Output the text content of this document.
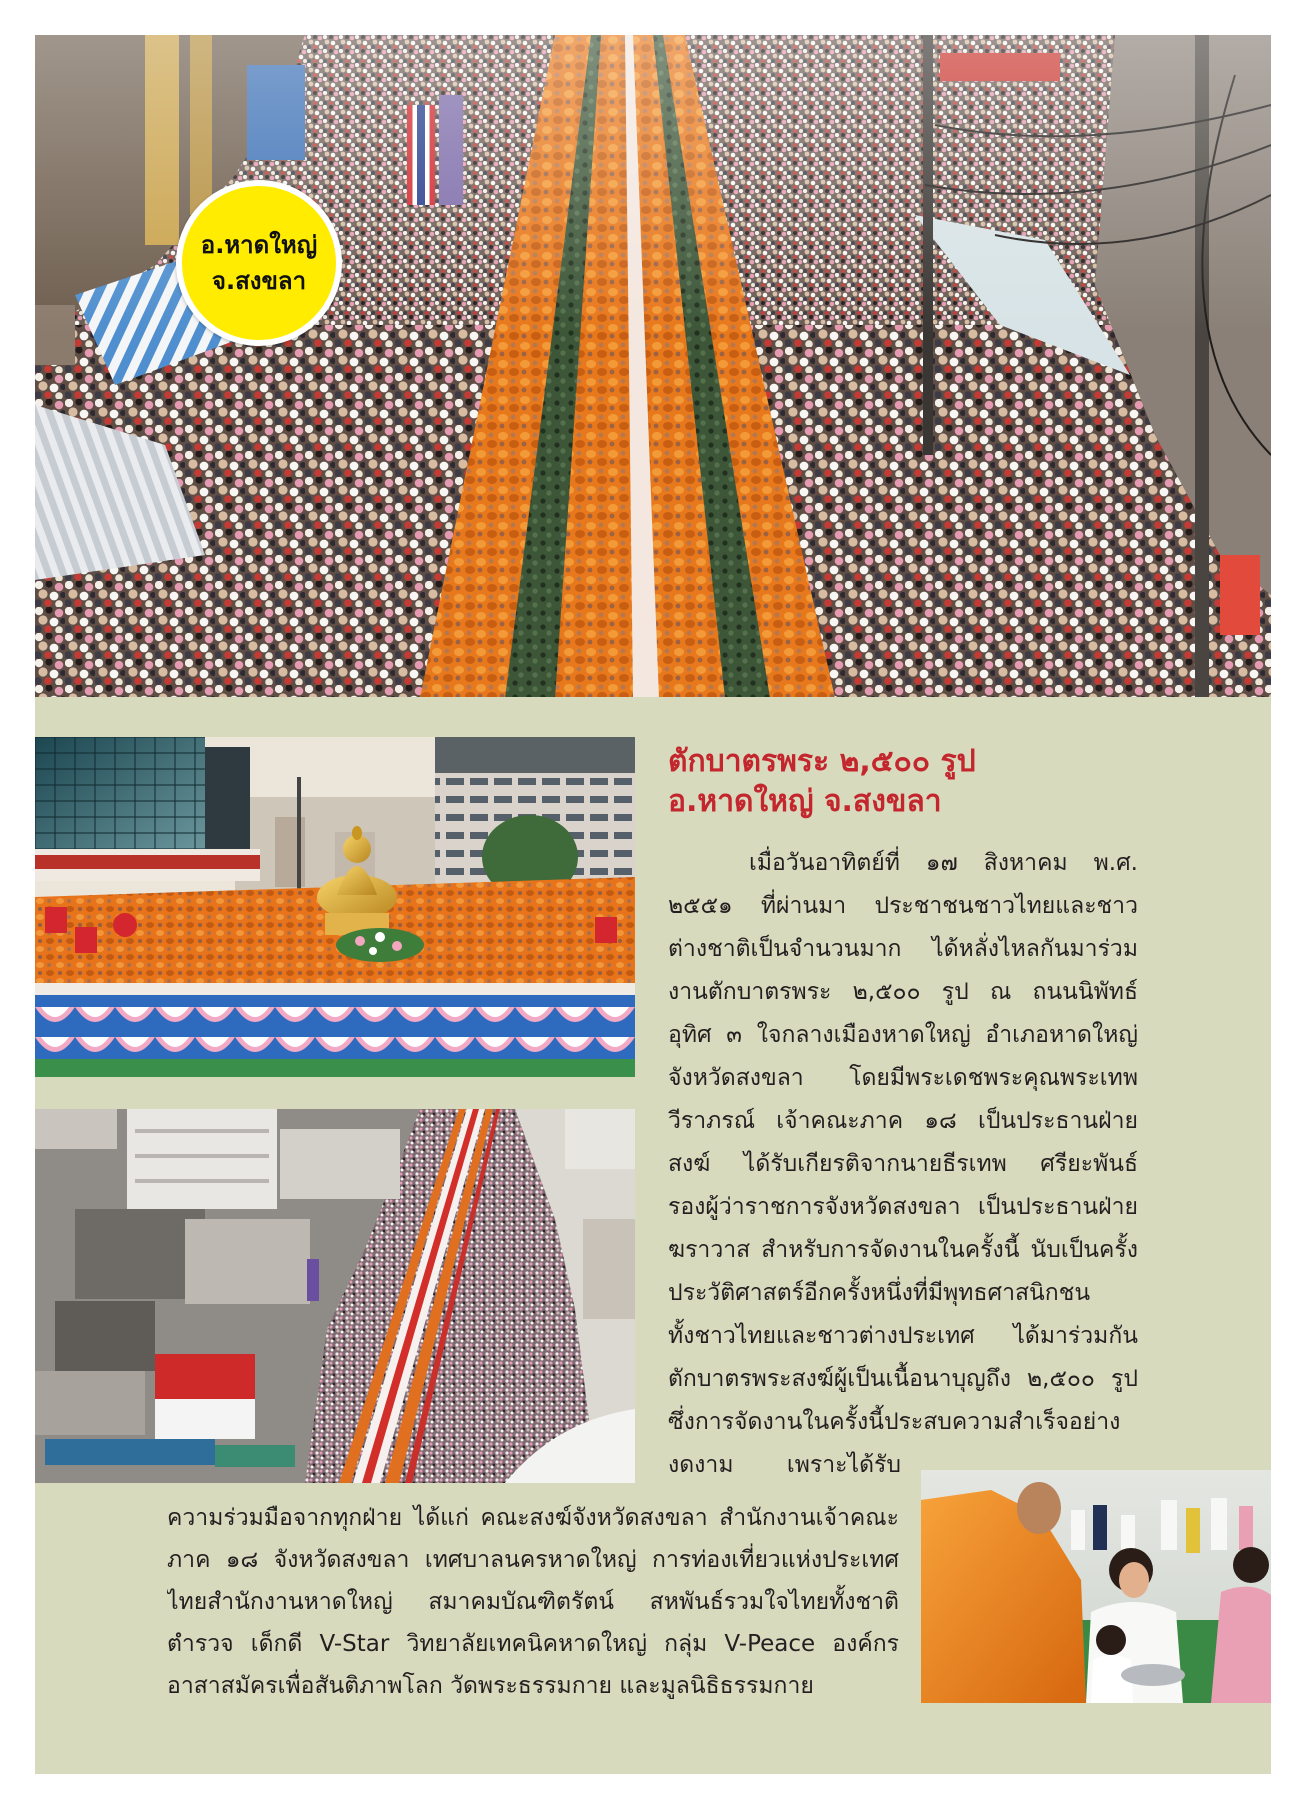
อ.หาดใหญ่
จ.สงขลา
ตักบาตรพระ ๒,๕๐๐ รูป
อ.หาดใหญ่ จ.สงขลา
เมื่อวันอาทิตย์ที่ ๑๗ สิงหาคม พ.ศ.
๒๕๕๑ ที่ผ่านมา ประชาชนชาวไทยและชาว
ต่างชาติเป็นจำนวนมาก ได้หลั่งไหลกันมาร่วม
งานตักบาตรพระ ๒,๕๐๐ รูป ณ ถนนนิพัทธ์
อุทิศ ๓ ใจกลางเมืองหาดใหญ่ อำเภอหาดใหญ่
จังหวัดสงขลา โดยมีพระเดชพระคุณพระเทพ
วีราภรณ์ เจ้าคณะภาค ๑๘ เป็นประธานฝ่าย
สงฆ์ ได้รับเกียรติจากนายธีรเทพ ศรียะพันธ์
รองผู้ว่าราชการจังหวัดสงขลา เป็นประธานฝ่าย
ฆราวาส สำหรับการจัดงานในครั้งนี้ นับเป็นครั้ง
ประวัติศาสตร์อีกครั้งหนึ่งที่มีพุทธศาสนิกชน
ทั้งชาวไทยและชาวต่างประเทศ ได้มาร่วมกัน
ตักบาตรพระสงฆ์ผู้เป็นเนื้อนาบุญถึง ๒,๕๐๐ รูป
ซึ่งการจัดงานในครั้งนี้ประสบความสำเร็จอย่าง
งดงาม เพราะได้รับ
ความร่วมมือจากทุกฝ่าย ได้แก่ คณะสงฆ์จังหวัดสงขลา สำนักงานเจ้าคณะ
ภาค ๑๘ จังหวัดสงขลา เทศบาลนครหาดใหญ่ การท่องเที่ยวแห่งประเทศ
ไทยสำนักงานหาดใหญ่ สมาคมบัณฑิตรัตน์ สหพันธ์รวมใจไทยทั้งชาติ
ตำรวจ เด็กดี V-Star วิทยาลัยเทคนิคหาดใหญ่ กลุ่ม V-Peace องค์กร
อาสาสมัครเพื่อสันติภาพโลก วัดพระธรรมกาย และมูลนิธิธรรมกาย
